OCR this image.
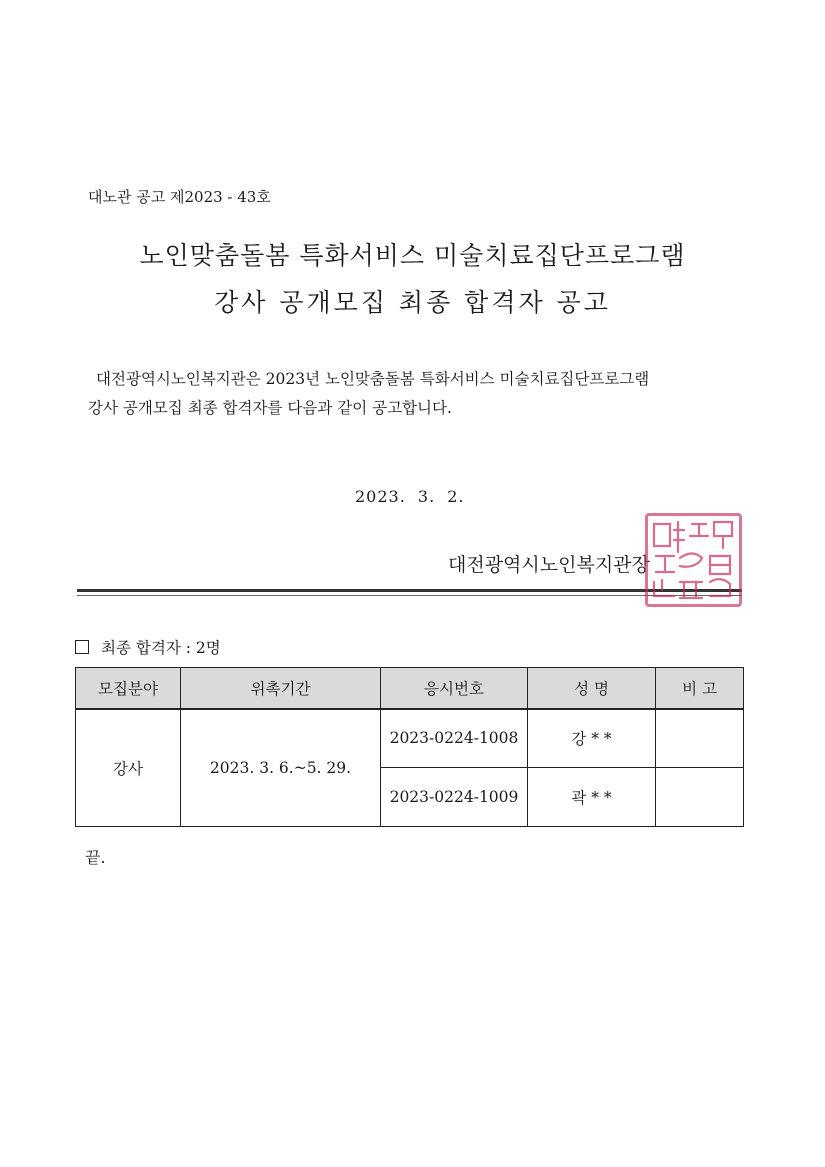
대노관 공고 제2023 - 43호
노인맞춤돌봄 특화서비스 미술치료집단프로그램
강사 공개모집 최종 합격자 공고
대전광역시노인복지관은 2023년 노인맞춤돌봄 특화서비스 미술치료집단프로그램
강사 공개모집 최종 합격자를 다음과 같이 공고합니다.
2023. 3. 2.
대전광역시노인복지관장
최종 합격자 : 2명
모집분야	위촉기간	응시번호	성 명	비 고
강사	2023. 3. 6.~5. 29.	2023-0224-1008	강 * *	
		2023-0224-1009	곽 * *	
끝.
